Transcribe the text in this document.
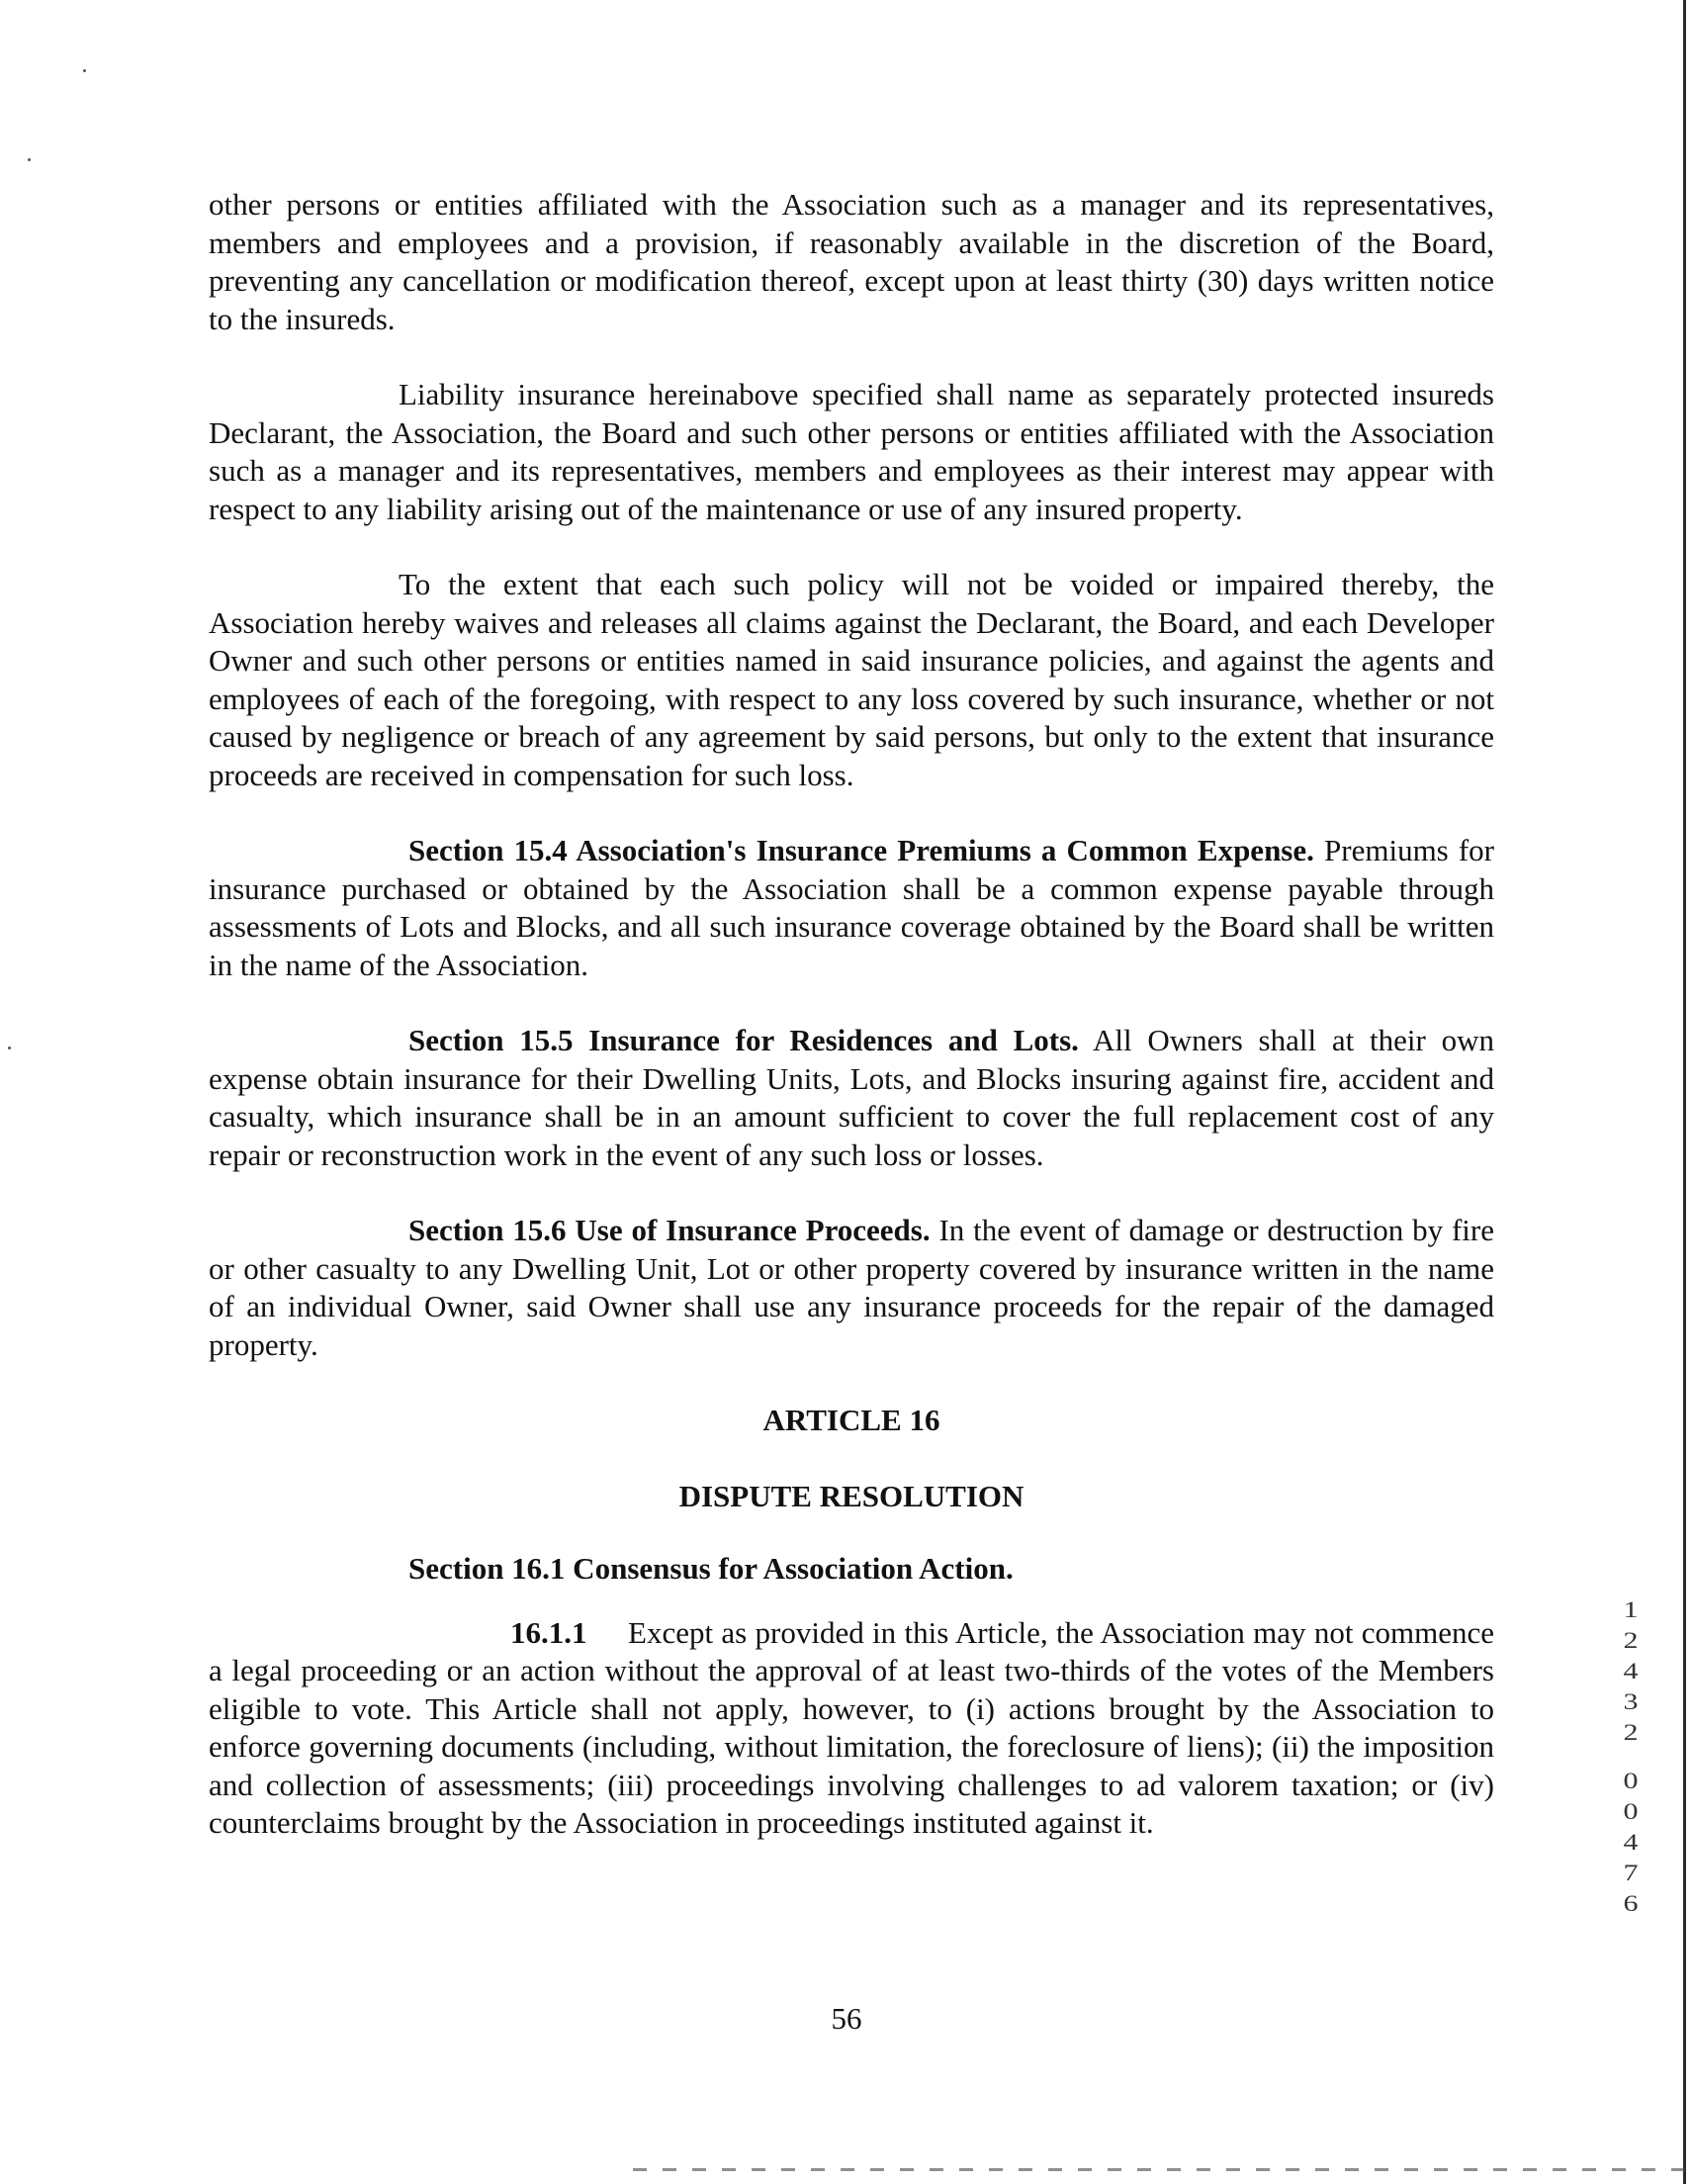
other persons or entities affiliated with the Association such as a manager and its representatives, members and employees and a provision, if reasonably available in the discretion of the Board, preventing any cancellation or modification thereof, except upon at least thirty (30) days written notice to the insureds.

Liability insurance hereinabove specified shall name as separately protected insureds Declarant, the Association, the Board and such other persons or entities affiliated with the Association such as a manager and its representatives, members and employees as their interest may appear with respect to any liability arising out of the maintenance or use of any insured property.

To the extent that each such policy will not be voided or impaired thereby, the Association hereby waives and releases all claims against the Declarant, the Board, and each Developer Owner and such other persons or entities named in said insurance policies, and against the agents and employees of each of the foregoing, with respect to any loss covered by such insurance, whether or not caused by negligence or breach of any agreement by said persons, but only to the extent that insurance proceeds are received in compensation for such loss.

Section 15.4 Association's Insurance Premiums a Common Expense. Premiums for insurance purchased or obtained by the Association shall be a common expense payable through assessments of Lots and Blocks, and all such insurance coverage obtained by the Board shall be written in the name of the Association.

Section 15.5 Insurance for Residences and Lots. All Owners shall at their own expense obtain insurance for their Dwelling Units, Lots, and Blocks insuring against fire, accident and casualty, which insurance shall be in an amount sufficient to cover the full replacement cost of any repair or reconstruction work in the event of any such loss or losses.

Section 15.6 Use of Insurance Proceeds. In the event of damage or destruction by fire or other casualty to any Dwelling Unit, Lot or other property covered by insurance written in the name of an individual Owner, said Owner shall use any insurance proceeds for the repair of the damaged property.

ARTICLE 16

DISPUTE RESOLUTION

Section 16.1 Consensus for Association Action.

16.1.1 Except as provided in this Article, the Association may not commence a legal proceeding or an action without the approval of at least two-thirds of the votes of the Members eligible to vote. This Article shall not apply, however, to (i) actions brought by the Association to enforce governing documents (including, without limitation, the foreclosure of liens); (ii) the imposition and collection of assessments; (iii) proceedings involving challenges to ad valorem taxation; or (iv) counterclaims brought by the Association in proceedings instituted against it.

56
1
2
4
3
2
0
0
4
7
6
